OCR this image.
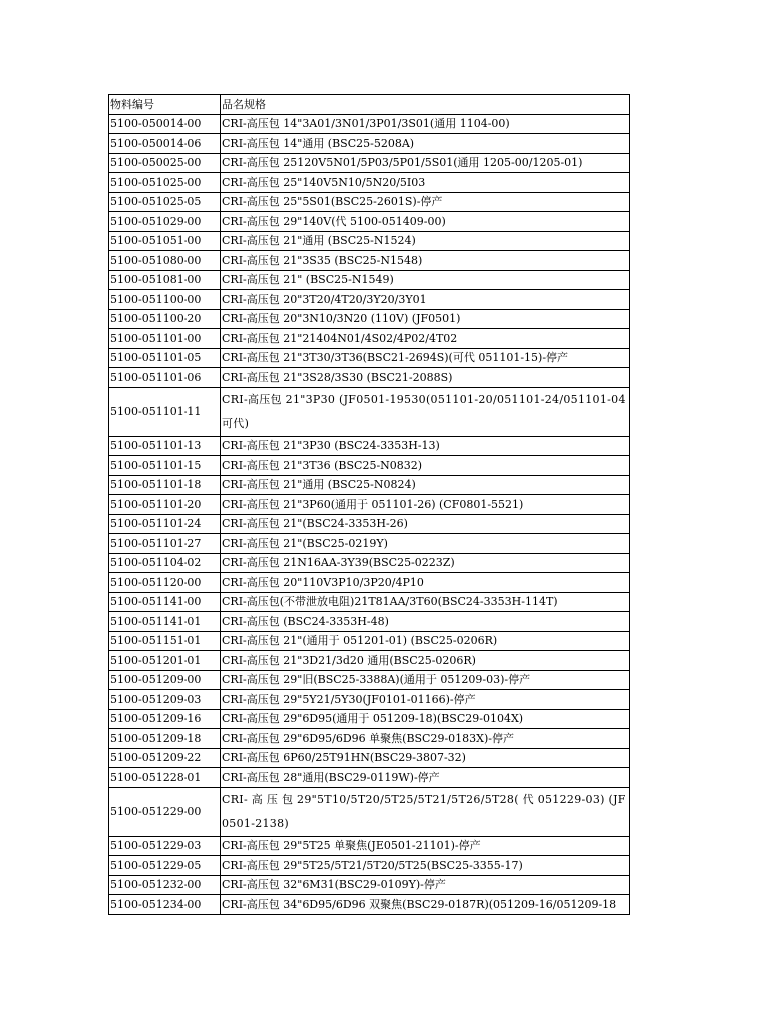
物料编号	品名规格
5100-050014-00	CRI-高压包 14"3A01/3N01/3P01/3S01(通用 1104-00)
5100-050014-06	CRI-高压包 14"通用 (BSC25-5208A)
5100-050025-00	CRI-高压包 25120V5N01/5P03/5P01/5S01(通用 1205-00/1205-01)
5100-051025-00	CRI-高压包 25"140V5N10/5N20/5I03
5100-051025-05	CRI-高压包 25"5S01(BSC25-2601S)-停产
5100-051029-00	CRI-高压包 29"140V(代 5100-051409-00)
5100-051051-00	CRI-高压包 21"通用 (BSC25-N1524)
5100-051080-00	CRI-高压包 21"3S35 (BSC25-N1548)
5100-051081-00	CRI-高压包 21" (BSC25-N1549)
5100-051100-00	CRI-高压包 20"3T20/4T20/3Y20/3Y01
5100-051100-20	CRI-高压包 20"3N10/3N20 (110V) (JF0501)
5100-051101-00	CRI-高压包 21"21404N01/4S02/4P02/4T02
5100-051101-05	CRI-高压包 21"3T30/3T36(BSC21-2694S)(可代 051101-15)-停产
5100-051101-06	CRI-高压包 21"3S28/3S30 (BSC21-2088S)
5100-051101-11	CRI-高压包 21"3P30 (JF0501-19530(051101-20/051101-24/051101-04 可代)
5100-051101-13	CRI-高压包 21"3P30 (BSC24-3353H-13)
5100-051101-15	CRI-高压包 21"3T36 (BSC25-N0832)
5100-051101-18	CRI-高压包 21"通用 (BSC25-N0824)
5100-051101-20	CRI-高压包 21"3P60(通用于 051101-26) (CF0801-5521)
5100-051101-24	CRI-高压包 21"(BSC24-3353H-26)
5100-051101-27	CRI-高压包 21"(BSC25-0219Y)
5100-051104-02	CRI-高压包 21N16AA-3Y39(BSC25-0223Z)
5100-051120-00	CRI-高压包 20"110V3P10/3P20/4P10
5100-051141-00	CRI-高压包(不带泄放电阻)21T81AA/3T60(BSC24-3353H-114T)
5100-051141-01	CRI-高压包 (BSC24-3353H-48)
5100-051151-01	CRI-高压包 21"(通用于 051201-01) (BSC25-0206R)
5100-051201-01	CRI-高压包 21"3D21/3d20 通用(BSC25-0206R)
5100-051209-00	CRI-高压包 29"旧(BSC25-3388A)(通用于 051209-03)-停产
5100-051209-03	CRI-高压包 29"5Y21/5Y30(JF0101-01166)-停产
5100-051209-16	CRI-高压包 29"6D95(通用于 051209-18)(BSC29-0104X)
5100-051209-18	CRI-高压包 29"6D95/6D96 单聚焦(BSC29-0183X)-停产
5100-051209-22	CRI-高压包 6P60/25T91HN(BSC29-3807-32)
5100-051228-01	CRI-高压包 28"通用(BSC29-0119W)-停产
5100-051229-00	CRI- 高 压 包 29"5T10/5T20/5T25/5T21/5T26/5T28( 代 051229-03) (JF0501-2138)
5100-051229-03	CRI-高压包 29"5T25 单聚焦(JE0501-21101)-停产
5100-051229-05	CRI-高压包 29"5T25/5T21/5T20/5T25(BSC25-3355-17)
5100-051232-00	CRI-高压包 32"6M31(BSC29-0109Y)-停产
5100-051234-00	CRI-高压包 34"6D95/6D96 双聚焦(BSC29-0187R)(051209-16/051209-18
